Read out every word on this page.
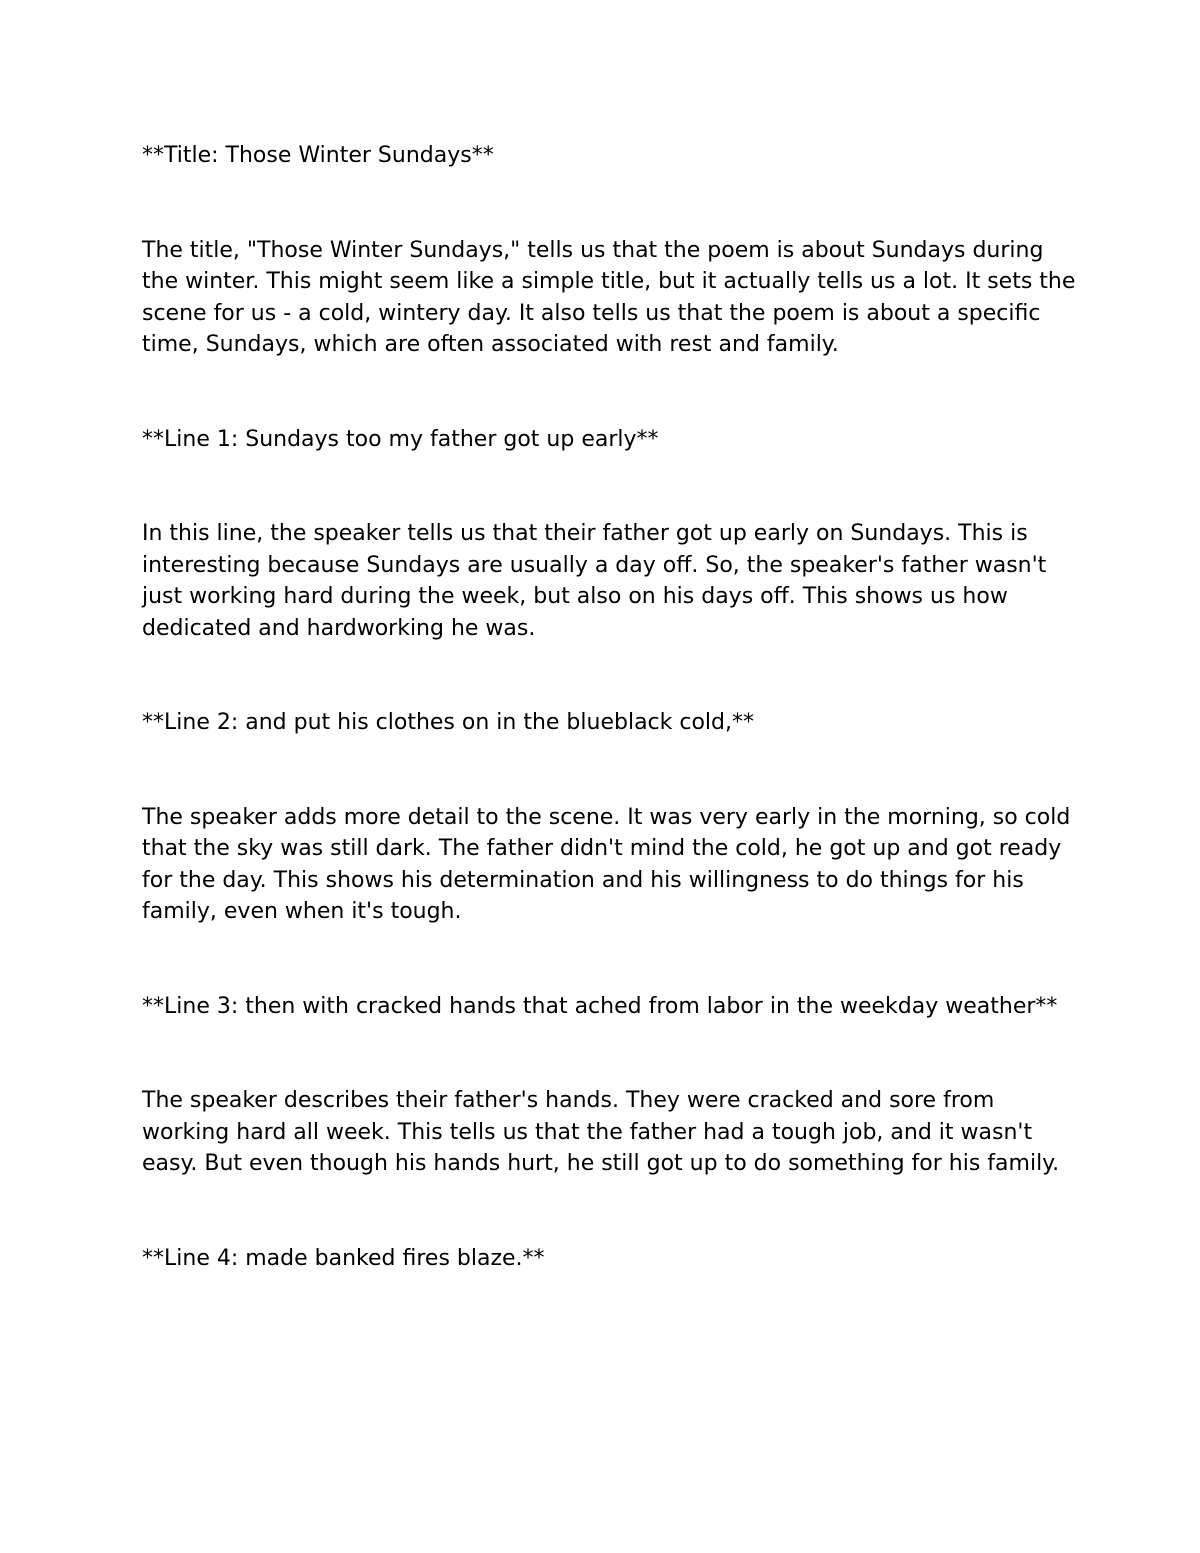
**Title: Those Winter Sundays**

The title, "Those Winter Sundays," tells us that the poem is about Sundays during the winter. This might seem like a simple title, but it actually tells us a lot. It sets the scene for us - a cold, wintery day. It also tells us that the poem is about a specific time, Sundays, which are often associated with rest and family.

**Line 1: Sundays too my father got up early**

In this line, the speaker tells us that their father got up early on Sundays. This is interesting because Sundays are usually a day off. So, the speaker's father wasn't just working hard during the week, but also on his days off. This shows us how dedicated and hardworking he was.

**Line 2: and put his clothes on in the blueblack cold,**

The speaker adds more detail to the scene. It was very early in the morning, so cold that the sky was still dark. The father didn't mind the cold, he got up and got ready for the day. This shows his determination and his willingness to do things for his family, even when it's tough.

**Line 3: then with cracked hands that ached from labor in the weekday weather**

The speaker describes their father's hands. They were cracked and sore from working hard all week. This tells us that the father had a tough job, and it wasn't easy. But even though his hands hurt, he still got up to do something for his family.

**Line 4: made banked fires blaze.**
